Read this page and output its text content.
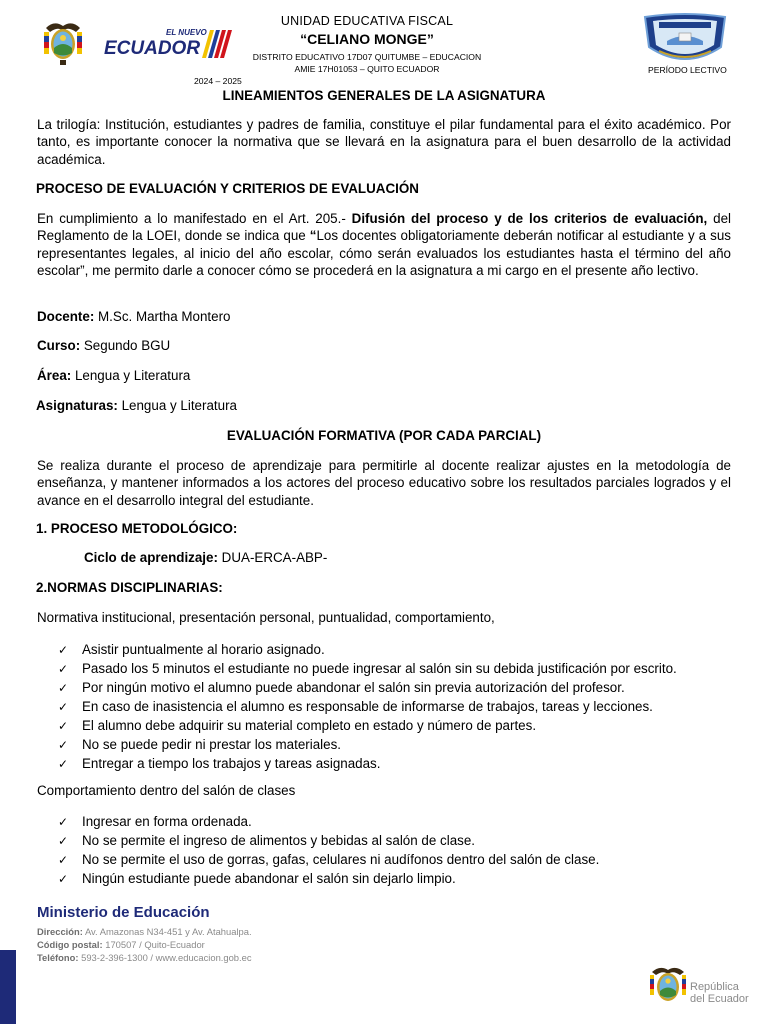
EL NUEVO
ECUADOR
UNIDAD EDUCATIVA FISCAL
“CELIANO MONGE”
DISTRITO EDUCATIVO 17D07 QUITUMBE – EDUCACION
AMIE 17H01053 – QUITO ECUADOR	PERÍODO LECTIVO
2024 – 2025
LINEAMIENTOS GENERALES DE LA ASIGNATURA
La trilogía: Institución, estudiantes y padres de familia, constituye el pilar fundamental para el éxito académico. Por tanto, es importante conocer la normativa que se llevará en la asignatura para el buen desarrollo de la actividad académica.
PROCESO DE EVALUACIÓN Y CRITERIOS DE EVALUACIÓN
En cumplimiento a lo manifestado en el Art. 205.- Difusión del proceso y de los criterios de evaluación, del Reglamento de la LOEI, donde se indica que “Los docentes obligatoriamente deberán notificar al estudiante y a sus representantes legales, al inicio del año escolar, cómo serán evaluados los estudiantes hasta el término del año escolar”, me permito darle a conocer cómo se procederá en la asignatura a mi cargo en el presente año lectivo.
Docente: M.Sc. Martha Montero
Curso: Segundo BGU
Área: Lengua y Literatura
Asignaturas: Lengua y Literatura
EVALUACIÓN FORMATIVA (POR CADA PARCIAL)
Se realiza durante el proceso de aprendizaje para permitirle al docente realizar ajustes en la metodología de enseñanza, y mantener informados a los actores del proceso educativo sobre los resultados parciales logrados y el avance en el desarrollo integral del estudiante.
1. PROCESO METODOLÓGICO:
Ciclo de aprendizaje: DUA-ERCA-ABP-
2.NORMAS DISCIPLINARIAS:
Normativa institucional, presentación personal, puntualidad, comportamiento,
✓ Asistir puntualmente al horario asignado.
✓ Pasado los 5 minutos el estudiante no puede ingresar al salón sin su debida justificación por escrito.
✓ Por ningún motivo el alumno puede abandonar el salón sin previa autorización del profesor.
✓ En caso de inasistencia el alumno es responsable de informarse de trabajos, tareas y lecciones.
✓ El alumno debe adquirir su material completo en estado y número de partes.
✓ No se puede pedir ni prestar los materiales.
✓ Entregar a tiempo los trabajos y tareas asignadas.
Comportamiento dentro del salón de clases
✓ Ingresar en forma ordenada.
✓ No se permite el ingreso de alimentos y bebidas al salón de clase.
✓ No se permite el uso de gorras, gafas, celulares ni audífonos dentro del salón de clase.
✓ Ningún estudiante puede abandonar el salón sin dejarlo limpio.
Ministerio de Educación
Dirección: Av. Amazonas N34-451 y Av. Atahualpa.
Código postal: 170507 / Quito-Ecuador
Teléfono: 593-2-396-1300 / www.educacion.gob.ec
República
del Ecuador
